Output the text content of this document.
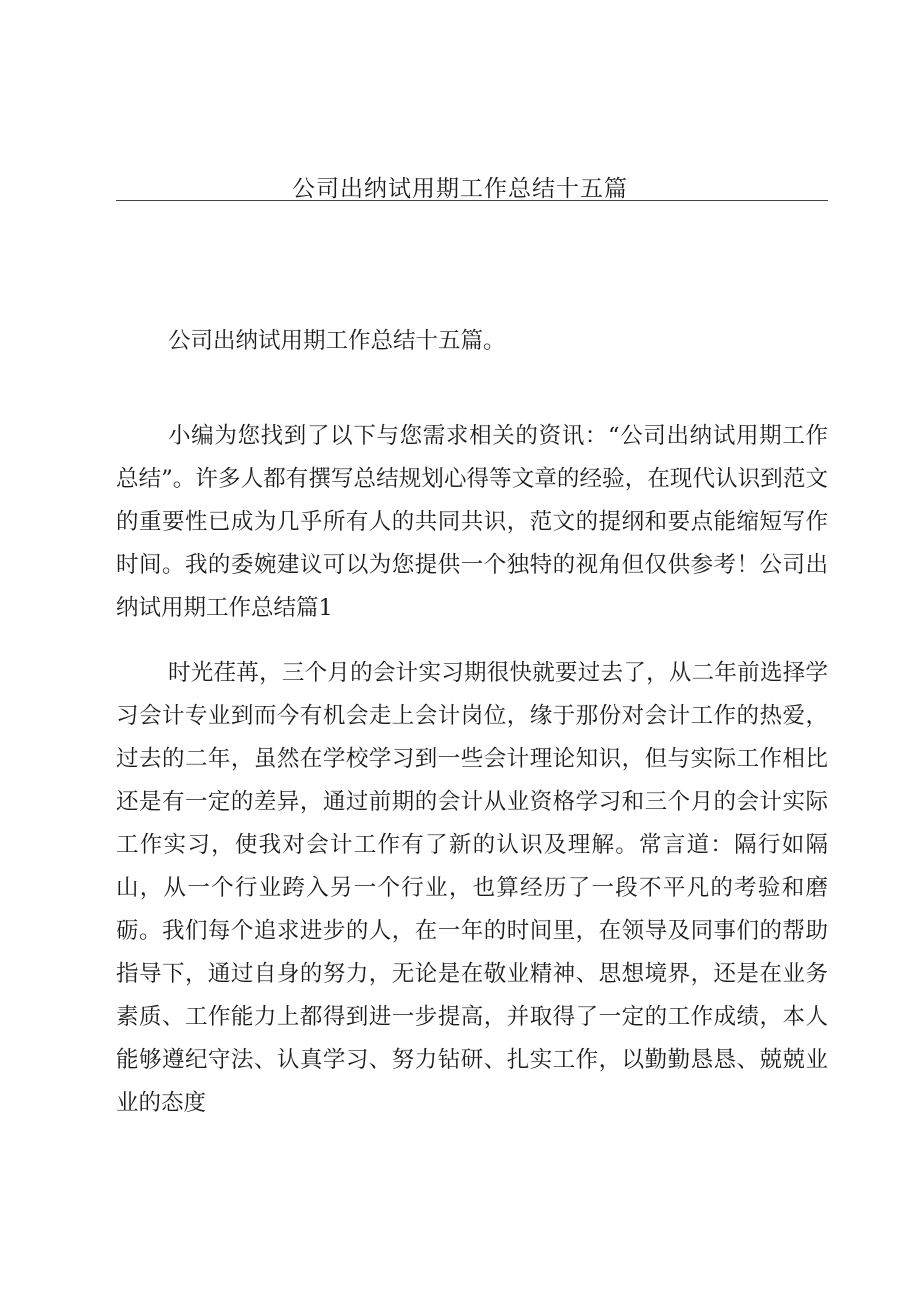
公司出纳试用期工作总结十五篇

公司出纳试用期工作总结十五篇。

小编为您找到了以下与您需求相关的资讯：“公司出纳试用期工作总结”。许多人都有撰写总结规划心得等文章的经验，在现代认识到范文的重要性已成为几乎所有人的共同共识，范文的提纲和要点能缩短写作时间。我的委婉建议可以为您提供一个独特的视角但仅供参考！公司出纳试用期工作总结篇1

时光荏苒，三个月的会计实习期很快就要过去了，从二年前选择学习会计专业到而今有机会走上会计岗位，缘于那份对会计工作的热爱，过去的二年，虽然在学校学习到一些会计理论知识，但与实际工作相比还是有一定的差异，通过前期的会计从业资格学习和三个月的会计实际工作实习，使我对会计工作有了新的认识及理解。常言道：隔行如隔山，从一个行业跨入另一个行业，也算经历了一段不平凡的考验和磨砺。我们每个追求进步的人，在一年的时间里，在领导及同事们的帮助指导下，通过自身的努力，无论是在敬业精神、思想境界，还是在业务素质、工作能力上都得到进一步提高，并取得了一定的工作成绩，本人能够遵纪守法、认真学习、努力钻研、扎实工作，以勤勤恳恳、兢兢业业的态度
